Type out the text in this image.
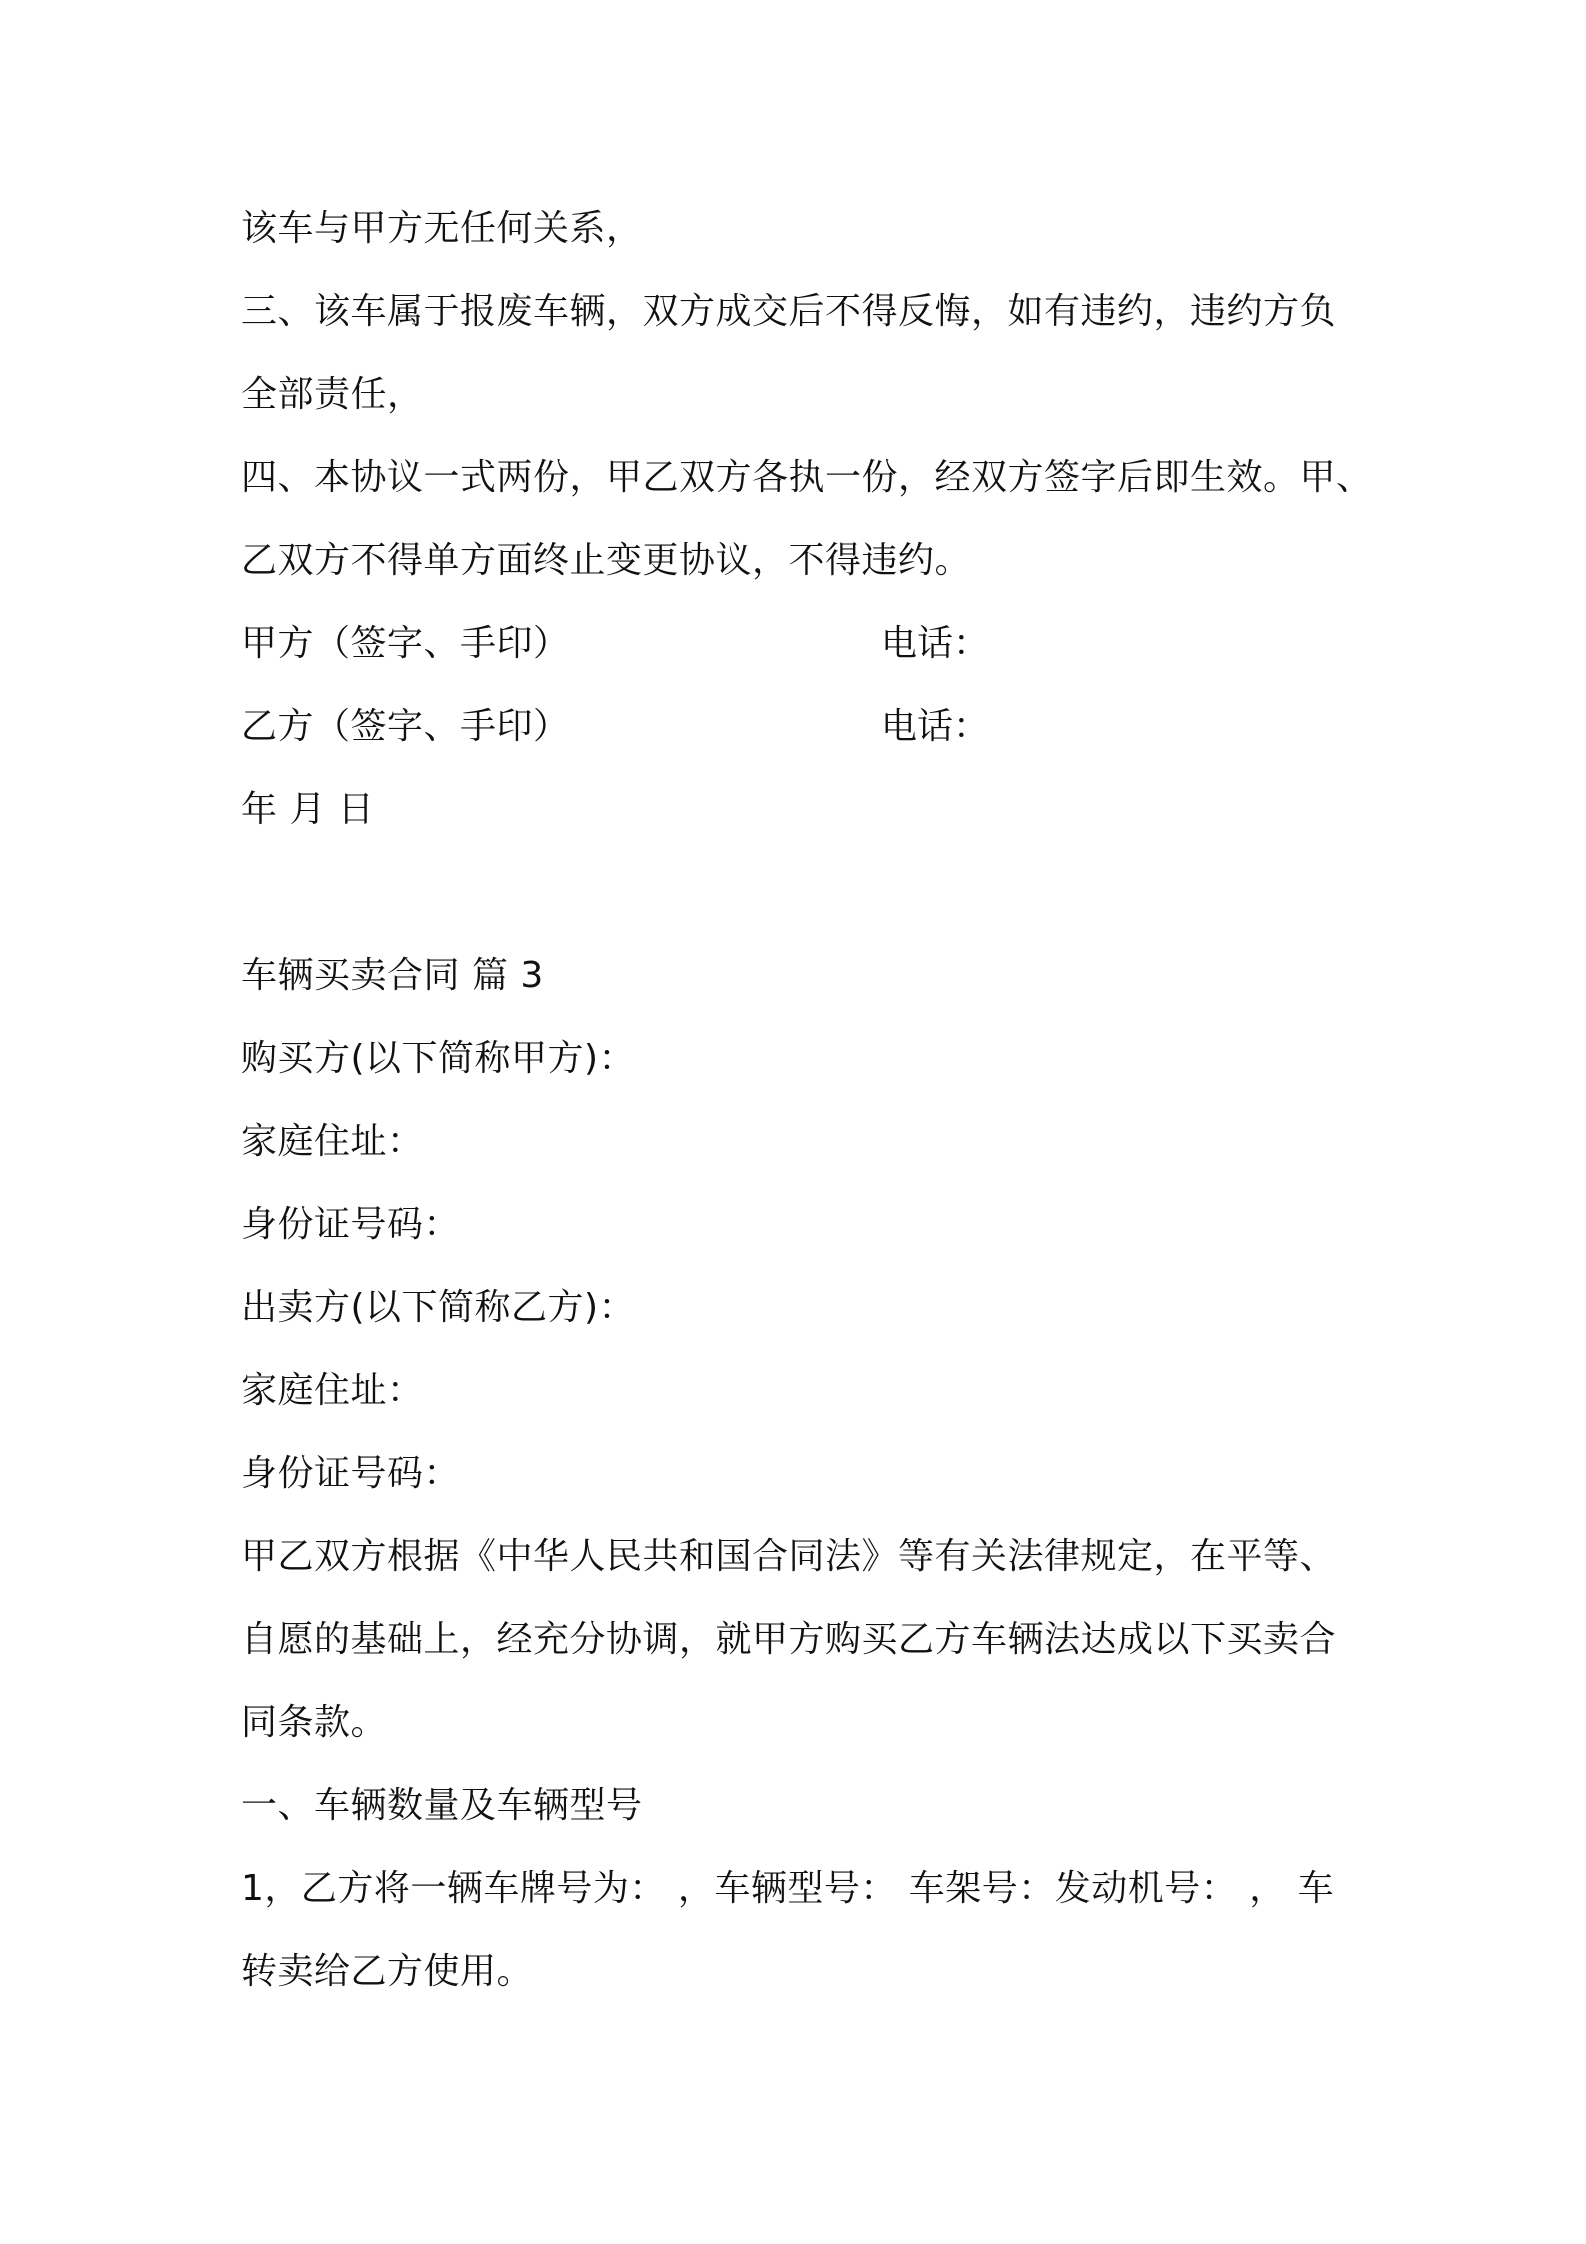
该车与甲方无任何关系，
三、该车属于报废车辆，双方成交后不得反悔，如有违约，违约方负
全部责任，
四、本协议一式两份，甲乙双方各执一份，经双方签字后即生效。甲、
乙双方不得单方面终止变更协议，不得违约。
甲方（签字、手印）	电话：
乙方（签字、手印）	电话：
年 月 日
车辆买卖合同 篇 3
购买方(以下简称甲方)：
家庭住址：
身份证号码：
出卖方(以下简称乙方)：
家庭住址：
身份证号码：
甲乙双方根据《中华人民共和国合同法》等有关法律规定，在平等、
自愿的基础上，经充分协调，就甲方购买乙方车辆法达成以下买卖合
同条款。
一、车辆数量及车辆型号
1，乙方将一辆车牌号为： ，车辆型号： 车架号：发动机号： ， 车
转卖给乙方使用。
